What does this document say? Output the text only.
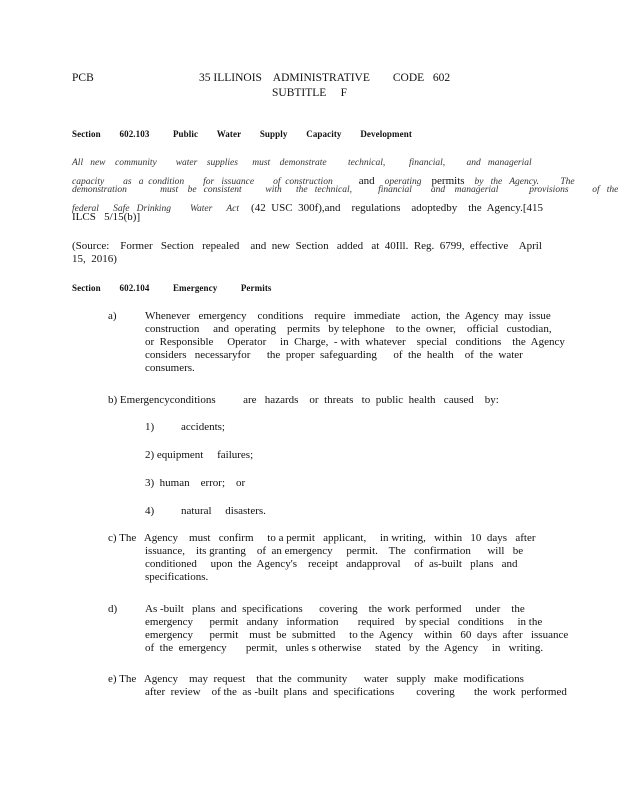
PCB	35 ILLINOIS    ADMINISTRATIVE        CODE   602
SUBTITLE     F
Section        602.103          Public        Water        Supply        Capacity        Development
All   new    community        water    supplies      must    demonstrate         technical,          financial,         and   managerial
capacity        as   a  condition        for   issuance        of  construction and operating permits by   the   Agency.         The
demonstration              must    be   consistent          with      the   technical,           financial        and    managerial             provisions          of   the
federal      Safe   Drinking        Water      Act (42  USC  300f),and    regulations    adoptedby    the  Agency.[415
ILCS   5/15(b)]
(Source:    Former   Section   repealed    and  new  Section   added   at  40Ill.  Reg.  6799,  effective    April
15,  2016)
Section        602.104          Emergency          Permits
a)	Whenever   emergency    conditions    require   immediate    action,  the  Agency  may  issue
construction     and  operating    permits   by telephone    to the  owner,    official   custodian,
or  Responsible     Operator     in  Charge,  - with  whatever    special   conditions    the  Agency
considers   necessaryfor      the  proper  safeguarding      of  the  health    of  the  water
consumers.
b) Emergencyconditions          are   hazards    or  threats   to  public  health   caused    by:
1) accidents;
2) equipment     failures;
3)  human    error;    or
4) natural     disasters.
c) The   Agency    must   confirm     to a permit   applicant,     in writing,   within   10  days   after
issuance,    its granting    of  an emergency     permit.    The   confirmation      will   be
conditioned     upon  the  Agency's    receipt   andapproval     of  as-built   plans   and
specifications.
d)	As -built   plans  and  specifications      covering    the  work  performed     under    the
emergency      permit   andany   information       required    by special   conditions     in the
emergency      permit    must  be  submitted     to the  Agency    within   60  days  after   issuance
of  the  emergency       permit,   unles s otherwise     stated   by  the  Agency     in   writing.
e) The   Agency    may  request    that  the  community      water   supply   make  modifications
after  review    of the  as -built  plans  and  specifications        covering       the  work  performed
